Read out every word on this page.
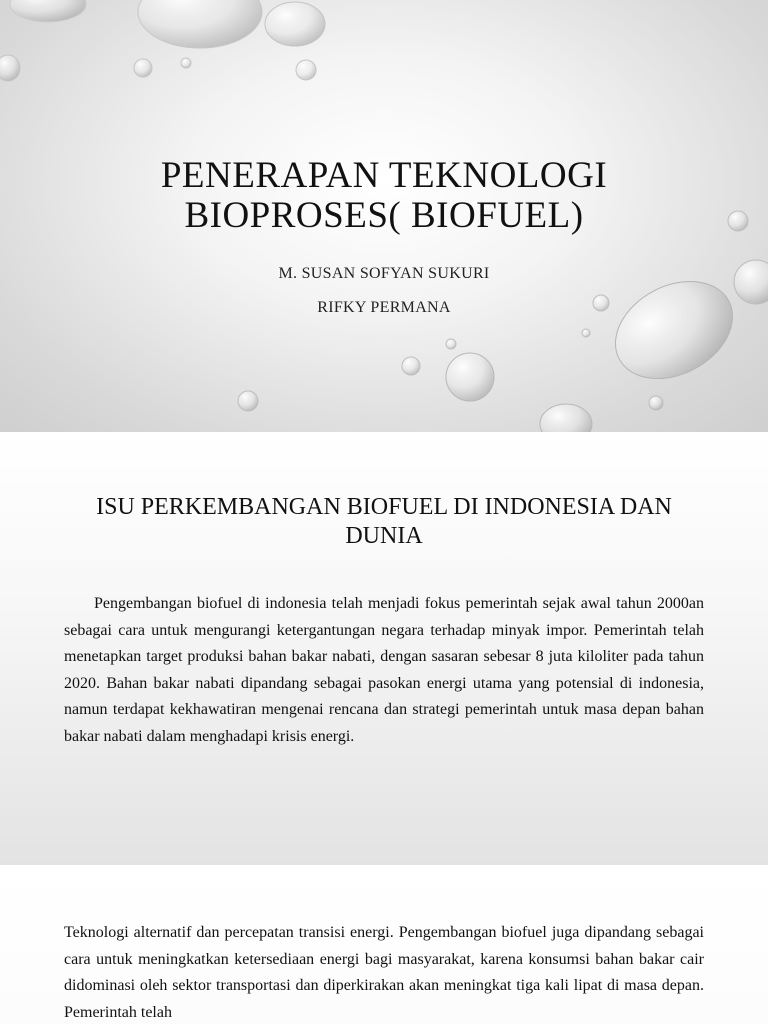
PENERAPAN TEKNOLOGI
BIOPROSES( BIOFUEL)
M. SUSAN SOFYAN SUKURI
RIFKY PERMANA
ISU PERKEMBANGAN BIOFUEL DI INDONESIA DAN
DUNIA

Pengembangan biofuel di indonesia telah menjadi fokus pemerintah sejak awal tahun 2000an sebagai cara untuk mengurangi ketergantungan negara terhadap minyak impor. Pemerintah telah menetapkan target produksi bahan bakar nabati, dengan sasaran sebesar 8 juta kiloliter pada tahun 2020. Bahan bakar nabati dipandang sebagai pasokan energi utama yang potensial di indonesia, namun terdapat kekhawatiran mengenai rencana dan strategi pemerintah untuk masa depan bahan bakar nabati dalam menghadapi krisis energi.

Teknologi alternatif dan percepatan transisi energi. Pengembangan biofuel juga dipandang sebagai cara untuk meningkatkan ketersediaan energi bagi masyarakat, karena konsumsi bahan bakar cair didominasi oleh sektor transportasi dan diperkirakan akan meningkat tiga kali lipat di masa depan. Pemerintah telah
